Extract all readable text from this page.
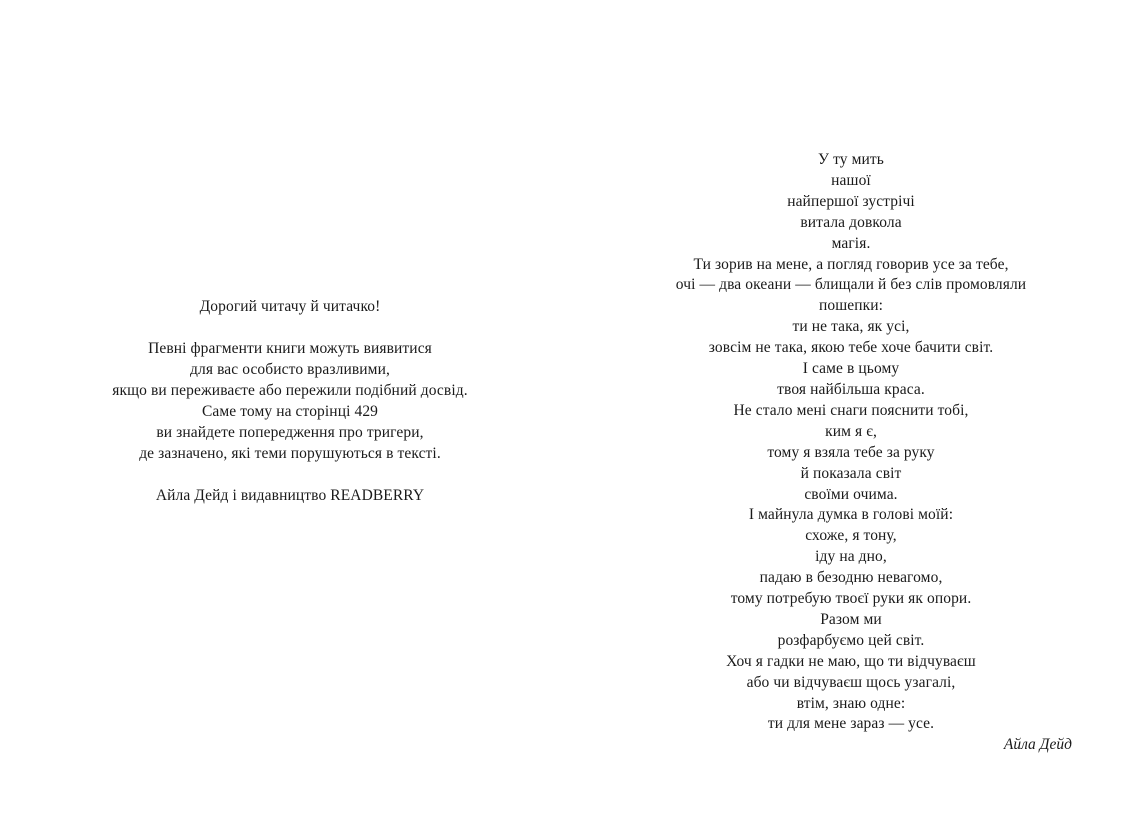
Дорогий читачу й читачко!
Певні фрагменти книги можуть виявитися
для вас особисто вразливими,
якщо ви переживаєте або пережили подібний досвід.
Саме тому на сторінці 429
ви знайдете попередження про тригери,
де зазначено, які теми порушуються в тексті.
Айла Дейд і видавництво READBERRY
У ту мить
нашої
найпершої зустрічі
витала довкола
магія.
Ти зорив на мене, а погляд говорив усе за тебе,
очі — два океани — блищали й без слів промовляли
пошепки:
ти не така, як усі,
зовсім не така, якою тебе хоче бачити світ.
І саме в цьому
твоя найбільша краса.
Не стало мені снаги пояснити тобі,
ким я є,
тому я взяла тебе за руку
й показала світ
своїми очима.
І майнула думка в голові моїй:
схоже, я тону,
іду на дно,
падаю в безодню невагомо,
тому потребую твоєї руки як опори.
Разом ми
розфарбуємо цей світ.
Хоч я гадки не маю, що ти відчуваєш
або чи відчуваєш щось узагалі,
втім, знаю одне:
ти для мене зараз — усе.
Айла Дейд
